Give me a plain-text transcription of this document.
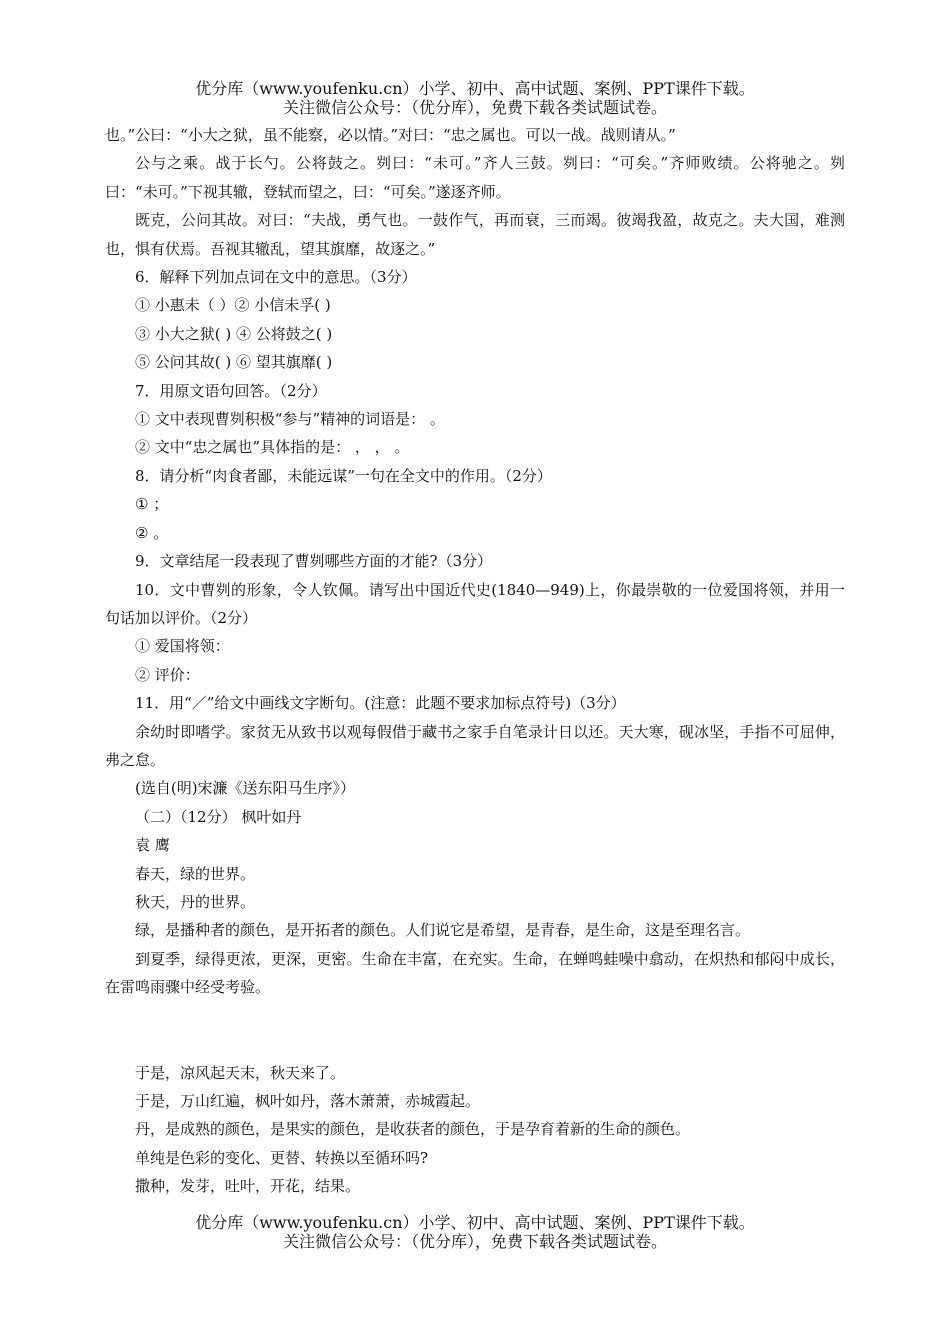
优分库（www.youfenku.cn）小学、初中、高中试题、案例、PPT课件下载。
关注微信公众号：（优分库），免费下载各类试题试卷。

也。”公曰：“小大之狱，虽不能察，必以情。”对曰：“忠之属也。可以一战。战则请从。”

公与之乘。战于长勺。公将鼓之。刿曰：“未可。”齐人三鼓。刿曰：“可矣。”齐师败绩。公将驰之。刿曰：“未可。”下视其辙，登轼而望之，曰：“可矣。”遂逐齐师。

既克，公问其故。对曰：“夫战，勇气也。一鼓作气，再而衰，三而竭。彼竭我盈，故克之。夫大国，难测也，惧有伏焉。吾视其辙乱，望其旗靡，故逐之。”

6．解释下列加点词在文中的意思。（3分）

① 小惠未（ ）② 小信未孚( )

③ 小大之狱( ) ④ 公将鼓之( )

⑤ 公问其故( ) ⑥ 望其旗靡( )

7．用原文语句回答。（2分）

① 文中表现曹刿积极“参与”精神的词语是： 。

② 文中“忠之属也”具体指的是： ， ， 。

8．请分析“肉食者鄙，未能远谋”一句在全文中的作用。（2分）

① ；

② 。

9．文章结尾一段表现了曹刿哪些方面的才能?（3分）

10．文中曹刿的形象，令人钦佩。请写出中国近代史(1840—949)上，你最崇敬的一位爱国将领，并用一句话加以评价。（2分）

① 爱国将领：

② 评价：

11．用“／”给文中画线文字断句。(注意：此题不要求加标点符号)（3分）

余幼时即嗜学。家贫无从致书以观每假借于藏书之家手自笔录计日以还。天大寒，砚冰坚，手指不可屈伸，弗之怠。

(选自(明)宋濂《送东阳马生序》）

（二）（12分） 枫叶如丹

袁 鹰

春天，绿的世界。

秋天，丹的世界。

绿，是播种者的颜色，是开拓者的颜色。人们说它是希望，是青春，是生命，这是至理名言。

到夏季，绿得更浓，更深，更密。生命在丰富，在充实。生命，在蝉鸣蛙噪中翕动，在炽热和郁闷中成长，在雷鸣雨骤中经受考验。

于是，凉风起天末，秋天来了。

于是，万山红遍，枫叶如丹，落木萧萧，赤城霞起。

丹，是成熟的颜色，是果实的颜色，是收获者的颜色，于是孕育着新的生命的颜色。

单纯是色彩的变化、更替、转换以至循环吗?

撒种，发芽，吐叶，开花，结果。

优分库（www.youfenku.cn）小学、初中、高中试题、案例、PPT课件下载。
关注微信公众号：（优分库），免费下载各类试题试卷。
